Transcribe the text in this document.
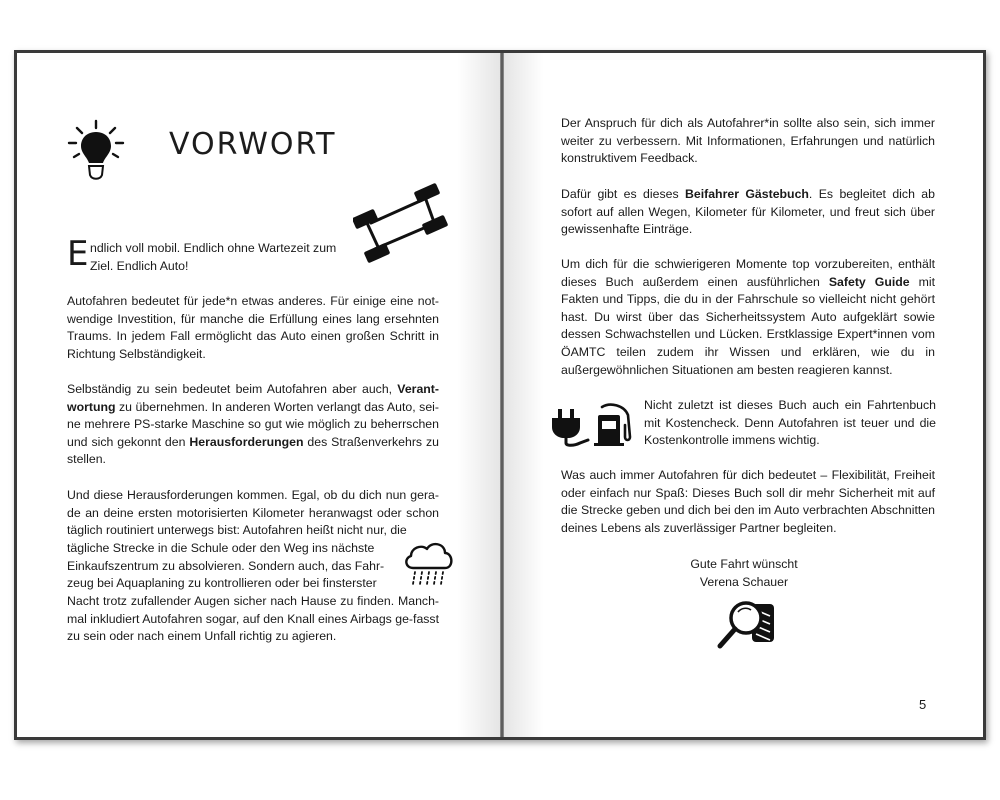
VORWORT
E ndlich voll mobil. Endlich ohne Wartezeit zum

Ziel. Endlich Auto!

Autofahren bedeutet für jede*n etwas anderes. Für einige eine not-wendige Investition, für manche die Erfüllung eines lang ersehnten Traums. In jedem Fall ermöglicht das Auto einen großen Schritt in Richtung Selbständigkeit.

Selbständig zu sein bedeutet beim Autofahren aber auch, Verant-wortung zu übernehmen. In anderen Worten verlangt das Auto, sei-ne mehrere PS-starke Maschine so gut wie möglich zu beherrschen und sich gekonnt den Herausforderungen des Straßenverkehrs zu stellen.

Und diese Herausforderungen kommen. Egal, ob du dich nun gera-de an deine ersten motorisierten Kilometer heranwagst oder schon täglich routiniert unterwegs bist: Autofahren heißt nicht nur, die

tägliche Strecke in die Schule oder den Weg ins nächste

Einkaufszentrum zu absolvieren. Sondern auch, das Fahr-

zeug bei Aquaplaning zu kontrollieren oder bei finsterster

Nacht trotz zufallender Augen sicher nach Hause zu finden. Manch-mal inkludiert Autofahren sogar, auf den Knall eines Airbags ge-fasst zu sein oder nach einem Unfall richtig zu agieren.

Der Anspruch für dich als Autofahrer*in sollte also sein, sich immer weiter zu verbessern. Mit Informationen, Erfahrungen und natürlich konstruktivem Feedback.

Dafür gibt es dieses Beifahrer Gästebuch. Es begleitet dich ab sofort auf allen Wegen, Kilometer für Kilometer, und freut sich über gewissenhafte Einträge.

Um dich für die schwierigeren Momente top vorzubereiten, enthält dieses Buch außerdem einen ausführlichen Safety Guide mit Fakten und Tipps, die du in der Fahrschule so vielleicht nicht gehört hast. Du wirst über das Sicherheitssystem Auto aufgeklärt sowie dessen Schwachstellen und Lücken. Erstklassige Expert*innen vom ÖAMTC teilen zudem ihr Wissen und erklären, wie du in außergewöhnlichen Situationen am besten reagieren kannst.

Nicht zuletzt ist dieses Buch auch ein Fahrtenbuch mit Kostencheck. Denn Autofahren ist teuer und die Kostenkontrolle immens wichtig.

Was auch immer Autofahren für dich bedeutet – Flexibilität, Freiheit oder einfach nur Spaß: Dieses Buch soll dir mehr Sicherheit mit auf die Strecke geben und dich bei den im Auto verbrachten Abschnitten deines Lebens als zuverlässiger Partner begleiten.

Gute Fahrt wünscht

Verena Schauer

5
